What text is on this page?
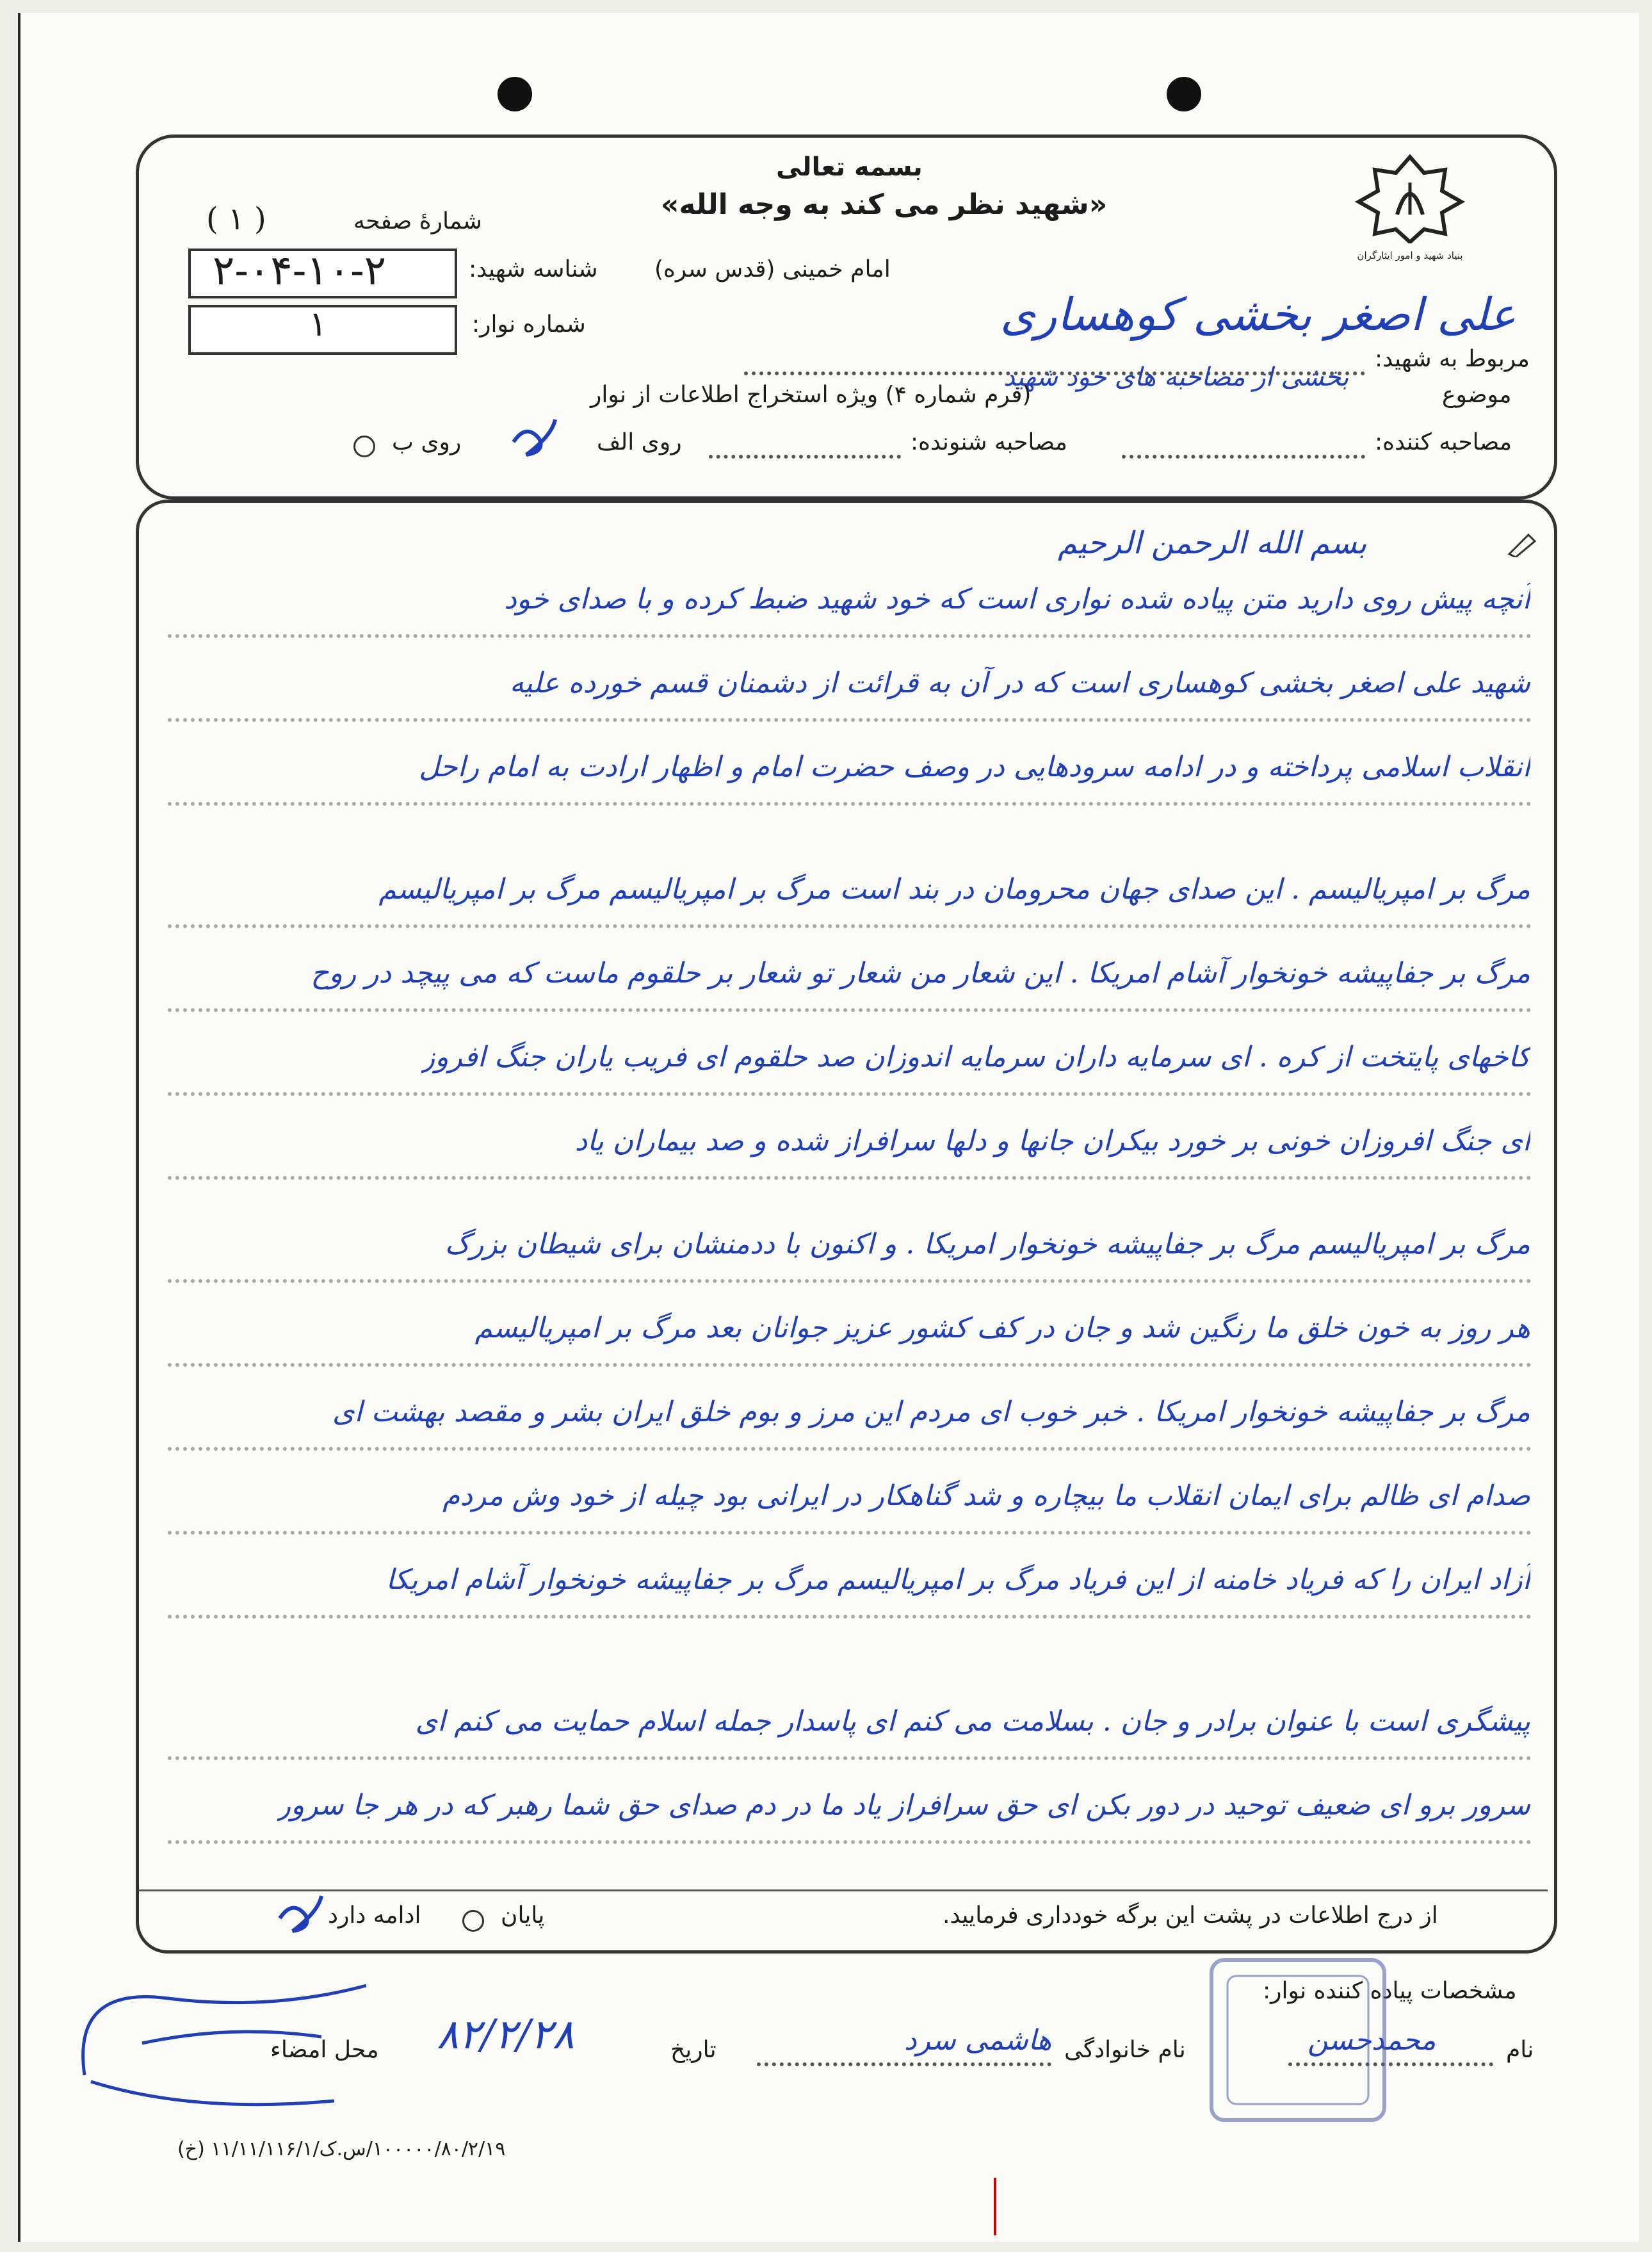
بسمه تعالی
«شهید نظر می کند به وجه الله»
امام خمینی (قدس سره)
بنیاد شهید و امور ایثارگران
شمارۀ صفحه
( ۱ )
۲-۰۴-۱۰-۲	شناسه شهید:
۱	شماره نوار:
مربوط به شهید:
علی اصغر بخشی کوهساری
موضوع
بخشی از مصاحبه های خود شهید
(فرم شماره ۴) ویژه استخراج اطلاعات از نوار
مصاحبه کننده:
مصاحبه شنونده:
روی الف
روی ب
بسم الله الرحمن الرحیم
آنچه پیش روی دارید متن پیاده شده نواری است که خود شهید ضبط کرده و با صدای خود
شهید علی اصغر بخشی کوهساری است که در آن به قرائت از دشمنان قسم خورده علیه
انقلاب اسلامی پرداخته و در ادامه سرودهایی در وصف حضرت امام و اظهار ارادت به امام راحل
مرگ بر امپریالیسم . این صدای جهان محرومان در بند است مرگ بر امپریالیسم مرگ بر امپریالیسم
مرگ بر جفاپیشه خونخوار آشام امریکا . این شعار من شعار تو شعار بر حلقوم ماست که می پیچد در روح
کاخهای پایتخت از کره . ای سرمایه داران سرمایه اندوزان صد حلقوم ای فریب یاران جنگ افروز
ای جنگ افروزان خونی بر خورد بیکران جانها و دلها سرافراز شده و صد بیماران یاد
مرگ بر امپریالیسم مرگ بر جفاپیشه خونخوار امریکا . و اکنون با ددمنشان برای شیطان بزرگ
هر روز به خون خلق ما رنگین شد و جان در کف کشور عزیز جوانان بعد مرگ بر امپریالیسم
مرگ بر جفاپیشه خونخوار امریکا . خبر خوب ای مردم این مرز و بوم خلق ایران بشر و مقصد بهشت ای
صدام ای ظالم برای ایمان انقلاب ما بیچاره و شد گناهکار در ایرانی بود چیله از خود وش مردم
آزاد ایران را که فریاد خامنه از این فریاد مرگ بر امپریالیسم مرگ بر جفاپیشه خونخوار آشام امریکا
پیشگری است با عنوان برادر و جان . بسلامت می کنم ای پاسدار جمله اسلام حمایت می کنم ای
سرور برو ای ضعیف توحید در دور بکن ای حق سرافراز یاد ما در دم صدای حق شما رهبر که در هر جا سرور
از درج اطلاعات در پشت این برگه خودداری فرمایید.
پایان
ادامه دارد
مشخصات پیاده کننده نوار:
نام
محمدحسن
نام خانوادگی
هاشمی سرد
تاریخ
۸۲/۲/۲۸
محل امضاء
(خ) ۱۰۰۰۰۰/۸۰/۲/۱۹/س.ک/۱۱/۱۱/۱۱۶/۱
